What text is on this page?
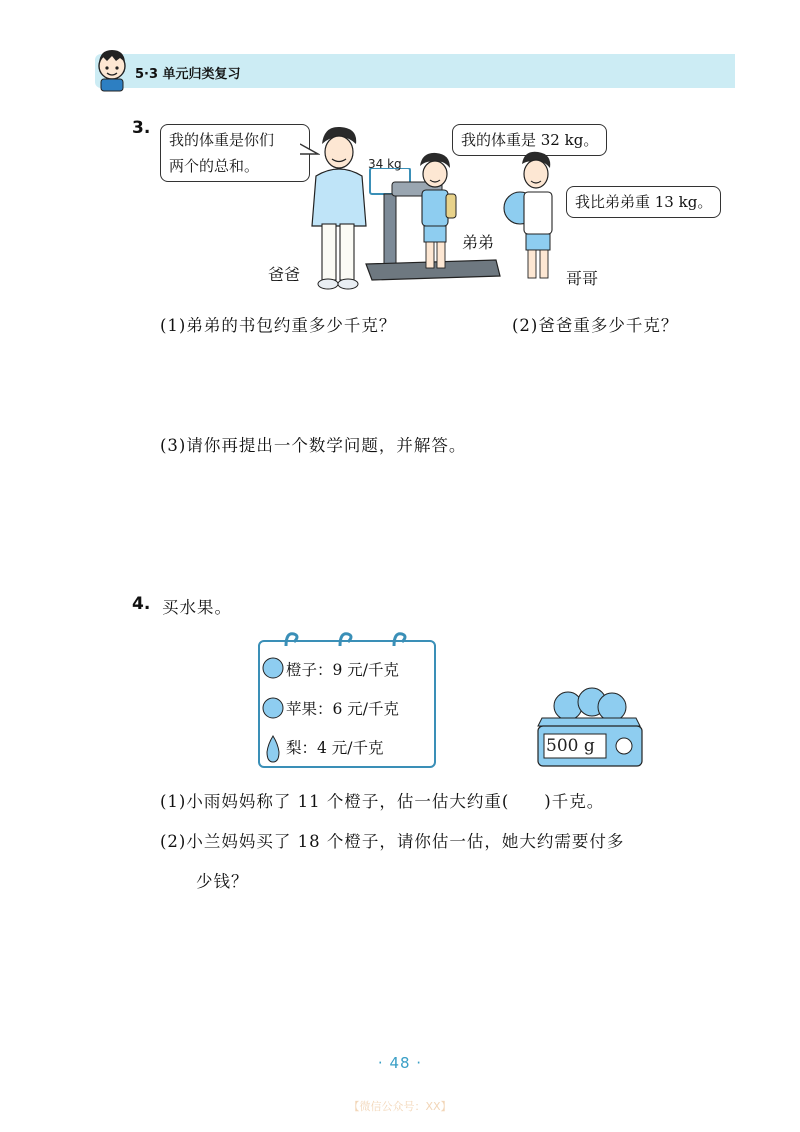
5·3 单元归类复习
3.
我的体重是你们
两个的总和。	34 kg
我的体重是 32 kg。
我比弟弟重 13 kg。
爸爸
弟弟
哥哥
(1)弟弟的书包约重多少千克？	(2)爸爸重多少千克？
(3)请你再提出一个数学问题，并解答。
4. 买水果。
橙子：9 元/千克
苹果：6 元/千克
梨：4 元/千克	500 g
(1)小雨妈妈称了 11 个橙子，估一估大约重(　　)千克。
(2)小兰妈妈买了 18 个橙子，请你估一估，她大约需要付多
少钱？
· 48 ·
【微信公众号：XX】
